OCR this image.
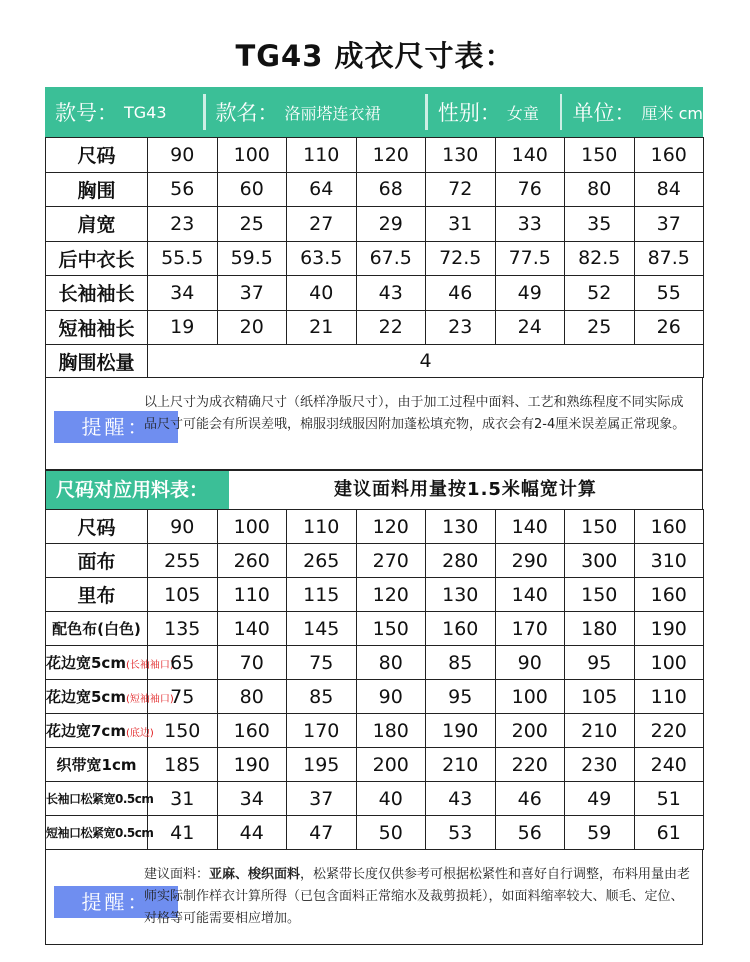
TG43 成衣尺寸表：
款号： TG43 款名： 洛丽塔连衣裙	性别： 女童 单位： 厘米 cm
尺码	90	100	110	120	130	140	150	160
胸围	56	60	64	68	72	76	80	84
肩宽	23	25	27	29	31	33	35	37
后中衣长	55.5	59.5	63.5	67.5	72.5	77.5	82.5	87.5
长袖袖长	34	37	40	43	46	49	52	55
短袖袖长	19	20	21	22	23	24	25	26
胸围松量	4							
提醒：
以上尺寸为成衣精确尺寸（纸样净版尺寸），由于加工过程中面料、工艺和熟练程度不同实际成品尺寸可能会有所误差哦，棉服羽绒服因附加蓬松填充物，成衣会有2-4厘米误差属正常现象。
尺码对应用料表：	建议面料用量按1.5米幅宽计算
尺码	90	100	110	120	130	140	150	160
面布	255	260	265	270	280	290	300	310
里布	105	110	115	120	130	140	150	160
配色布(白色)	135	140	145	150	160	170	180	190
花边宽5cm(长袖袖口)	65	70	75	80	85	90	95	100
花边宽5cm(短袖袖口)	75	80	85	90	95	100	105	110
花边宽7cm(底边)	150	160	170	180	190	200	210	220
织带宽1cm	185	190	195	200	210	220	230	240
长袖口松紧宽0.5cm	31	34	37	40	43	46	49	51
短袖口松紧宽0.5cm	41	44	47	50	53	56	59	61
提醒：
建议面料：亚麻、梭织面料，松紧带长度仅供参考可根据松紧性和喜好自行调整，布料用量由老师实际制作样衣计算所得（已包含面料正常缩水及裁剪损耗），如面料缩率较大、顺毛、定位、对格等可能需要相应增加。
